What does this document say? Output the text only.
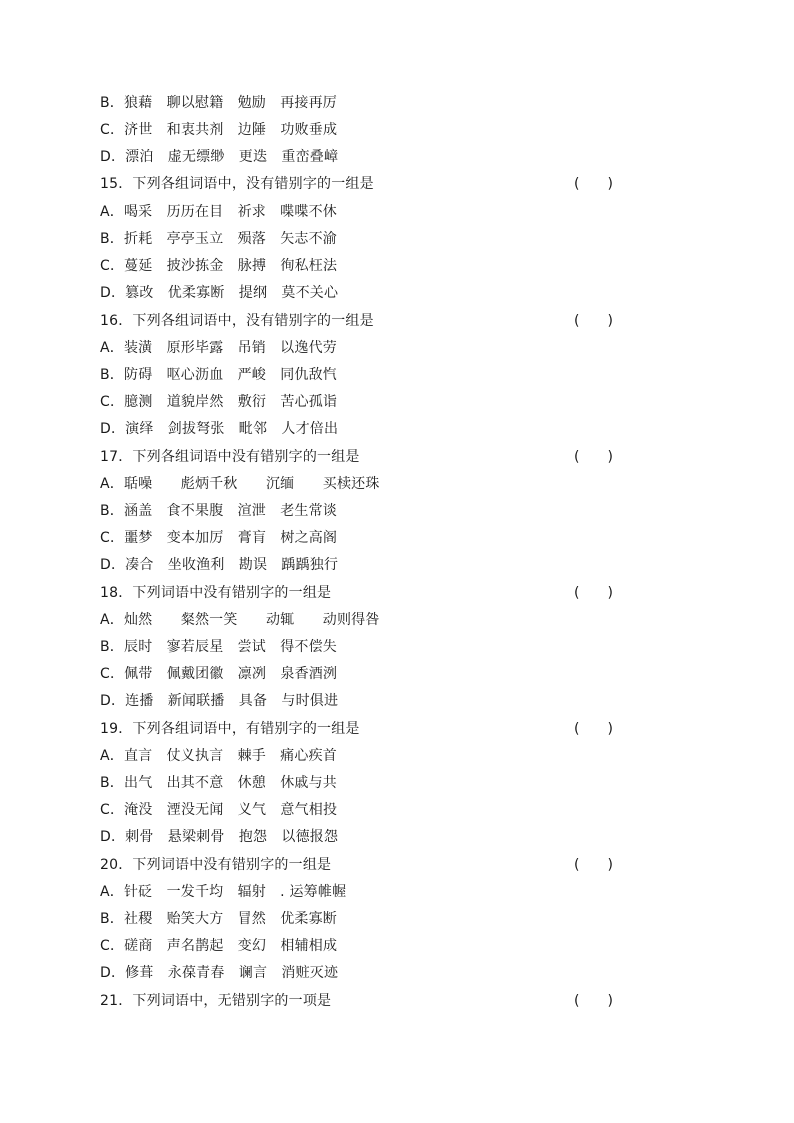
B．狼藉　聊以慰籍　勉励　再接再厉
C．济世　和衷共剂　边陲　功败垂成
D．漂泊　虚无缥缈　更迭　重峦叠嶂
15．下列各组词语中，没有错别字的一组是	(　　)
A．喝采　历历在目　祈求　喋喋不休
B．折耗　亭亭玉立　殒落　矢志不渝
C．蔓延　披沙拣金　脉搏　徇私枉法
D．篡改　优柔寡断　提纲　莫不关心
16．下列各组词语中，没有错别字的一组是	(　　)
A．装潢　原形毕露　吊销　以逸代劳
B．防碍　呕心沥血　严峻　同仇敌忾
C．臆测　道貌岸然　敷衍　苦心孤诣
D．演绎　剑拔弩张　毗邻　人才倍出
17．下列各组词语中没有错别字的一组是	(　　)
A．聒噪　　彪炳千秋　　沉缅　　买椟还珠
B．涵盖　食不果腹　渲泄　老生常谈
C．噩梦　变本加厉　膏肓　树之高阁
D．凑合　坐收渔利　勘误　踽踽独行
18．下列词语中没有错别字的一组是	(　　)
A．灿然　　粲然一笑　　动辄　　动则得咎
B．辰时　寥若辰星　尝试　得不偿失
C．佩带　佩戴团徽　凛冽　泉香酒洌
D．连播　新闻联播　具备　与时俱进
19．下列各组词语中，有错别字的一组是	(　　)
A．直言　仗义执言　棘手　痛心疾首
B．出气　出其不意　休憩　休戚与共
C．淹没　湮没无闻　义气　意气相投
D．刺骨　悬梁刺骨　抱怨　以德报怨
20．下列词语中没有错别字的一组是	(　　)
A．针砭　一发千均　辐射　. 运筹帷幄
B．社稷　贻笑大方　冒然　优柔寡断
C．磋商　声名鹊起　变幻　相辅相成
D．修葺　永葆青春　谰言　消赃灭迹
21．下列词语中，无错别字的一项是	(　　)
